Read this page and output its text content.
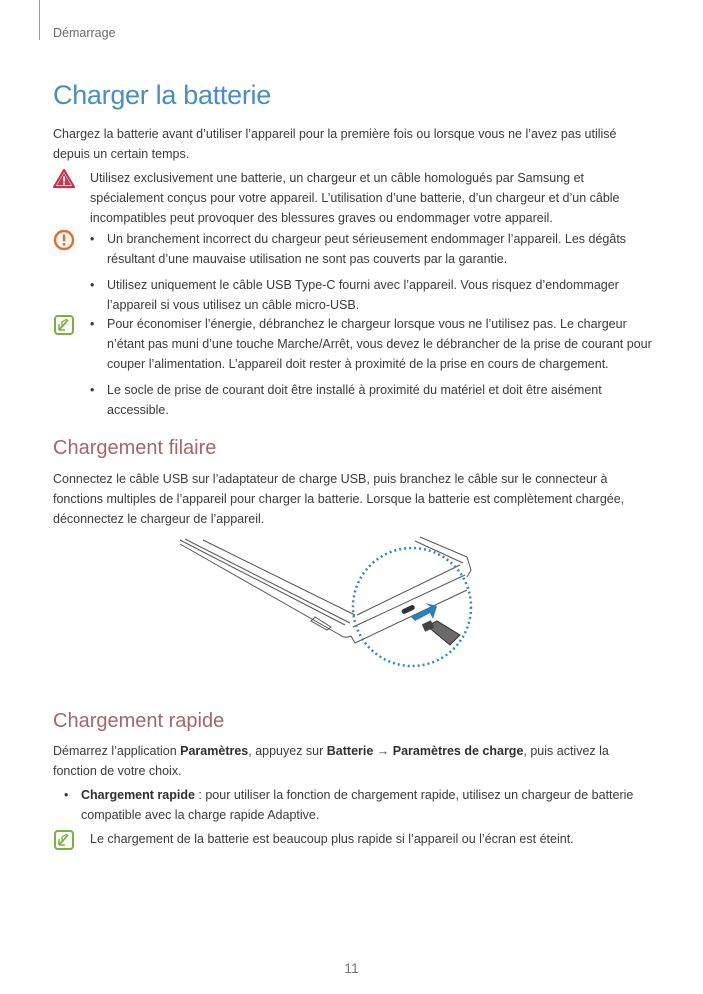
Démarrage
Charger la batterie

Chargez la batterie avant d’utiliser l’appareil pour la première fois ou lorsque vous ne l’avez pas utilisé depuis un certain temps.

Utilisez exclusivement une batterie, un chargeur et un câble homologués par Samsung et spécialement conçus pour votre appareil. L’utilisation d’une batterie, d’un chargeur et d’un câble incompatibles peut provoquer des blessures graves ou endommager votre appareil.
• Un branchement incorrect du chargeur peut sérieusement endommager l’appareil. Les dégâts résultant d’une mauvaise utilisation ne sont pas couverts par la garantie.
• Utilisez uniquement le câble USB Type-C fourni avec l’appareil. Vous risquez d’endommager l’appareil si vous utilisez un câble micro-USB.
• Pour économiser l’énergie, débranchez le chargeur lorsque vous ne l’utilisez pas. Le chargeur n’étant pas muni d’une touche Marche/Arrêt, vous devez le débrancher de la prise de courant pour couper l’alimentation. L’appareil doit rester à proximité de la prise en cours de chargement.
• Le socle de prise de courant doit être installé à proximité du matériel et doit être aisément accessible.
Chargement filaire

Connectez le câble USB sur l’adaptateur de charge USB, puis branchez le câble sur le connecteur à fonctions multiples de l’appareil pour charger la batterie. Lorsque la batterie est complètement chargée, déconnectez le chargeur de l’appareil.

Chargement rapide

Démarrez l’application Paramètres, appuyez sur Batterie → Paramètres de charge, puis activez la fonction de votre choix.

• Chargement rapide : pour utiliser la fonction de chargement rapide, utilisez un chargeur de batterie compatible avec la charge rapide Adaptive.
Le chargement de la batterie est beaucoup plus rapide si l’appareil ou l’écran est éteint.
11
